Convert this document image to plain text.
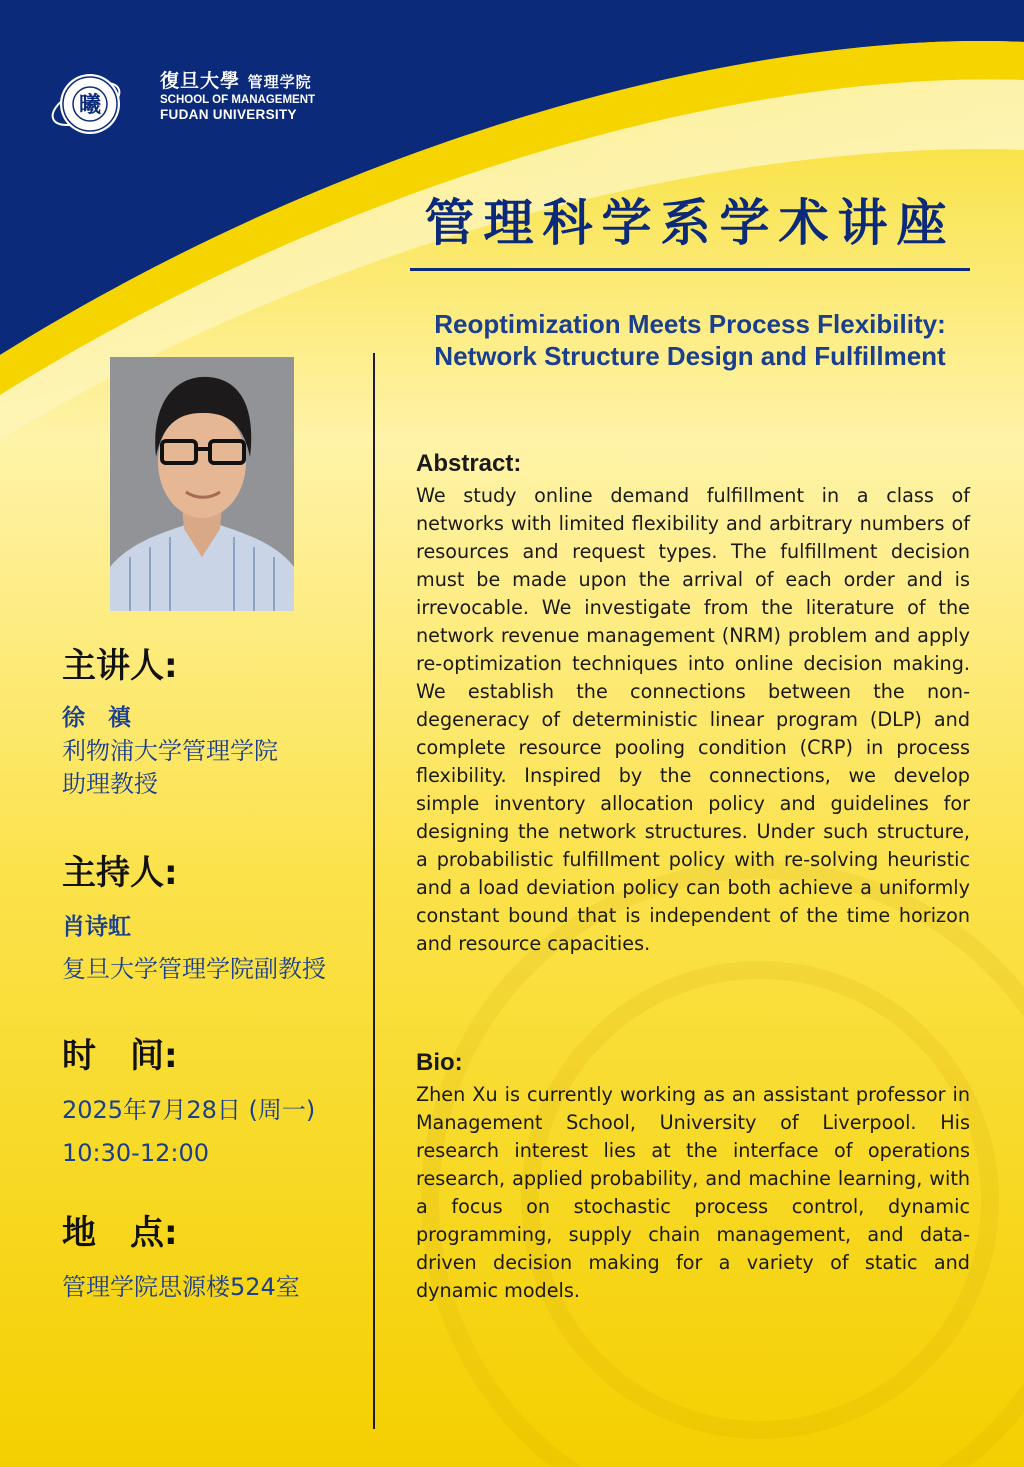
曦
復旦大學 管理学院
SCHOOL OF MANAGEMENT
FUDAN UNIVERSITY
管理科学系学术讲座
Reoptimization Meets Process Flexibility: Network Structure Design and Fulfillment
主讲人:
徐　禛
利物浦大学管理学院
助理教授
主持人:
肖诗虹
复旦大学管理学院副教授
时　间:
2025年7月28日 (周一)
10:30-12:00
地　点:
管理学院思源楼524室
Abstract:
We study online demand fulfillment in a class of networks with limited flexibility and arbitrary numbers of resources and request types. The fulfillment decision must be made upon the arrival of each order and is irrevocable. We investigate from the literature of the network revenue management (NRM) problem and apply re-optimization techniques into online decision making. We establish the connections between the non-degeneracy of deterministic linear program (DLP) and complete resource pooling condition (CRP) in process flexibility. Inspired by the connections, we develop simple inventory allocation policy and guidelines for designing the network structures. Under such structure, a probabilistic fulfillment policy with re-solving heuristic and a load deviation policy can both achieve a uniformly constant bound that is independent of the time horizon and resource capacities.
Bio:
Zhen Xu is currently working as an assistant professor in Management School, University of Liverpool. His research interest lies at the interface of operations research, applied probability, and machine learning, with a focus on stochastic process control, dynamic programming, supply chain management, and data-driven decision making for a variety of static and dynamic models.
